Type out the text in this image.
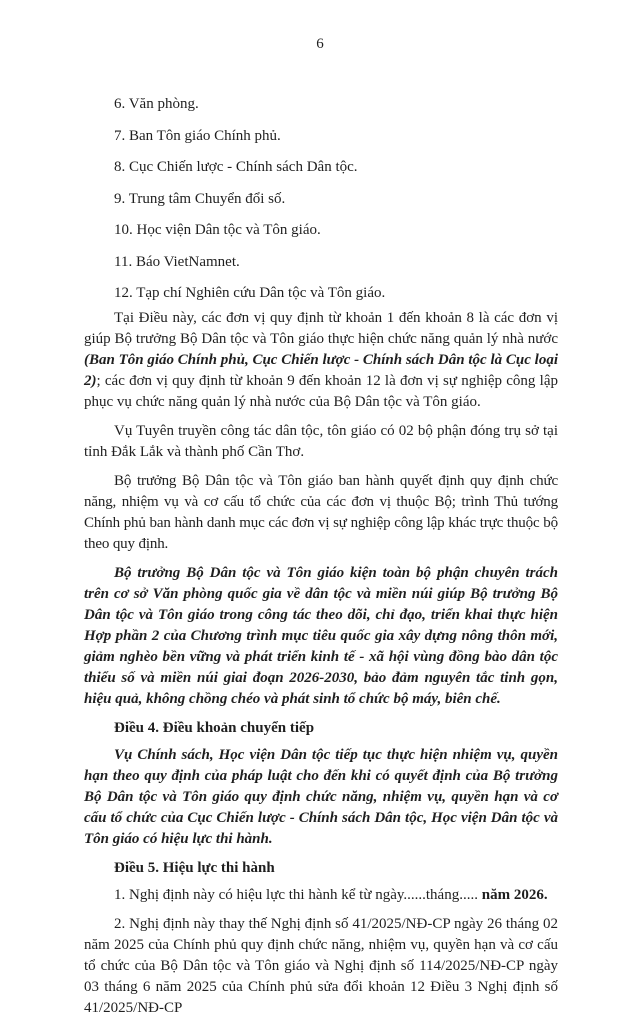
6
6. Văn phòng.
7. Ban Tôn giáo Chính phủ.
8. Cục Chiến lược - Chính sách Dân tộc.
9. Trung tâm Chuyển đổi số.
10. Học viện Dân tộc và Tôn giáo.
11. Báo VietNamnet.
12. Tạp chí Nghiên cứu Dân tộc và Tôn giáo.
Tại Điều này, các đơn vị quy định từ khoản 1 đến khoản 8 là các đơn vị giúp Bộ trưởng Bộ Dân tộc và Tôn giáo thực hiện chức năng quản lý nhà nước (Ban Tôn giáo Chính phủ, Cục Chiến lược - Chính sách Dân tộc là Cục loại 2); các đơn vị quy định từ khoản 9 đến khoản 12 là đơn vị sự nghiệp công lập phục vụ chức năng quản lý nhà nước của Bộ Dân tộc và Tôn giáo.
Vụ Tuyên truyền công tác dân tộc, tôn giáo có 02 bộ phận đóng trụ sở tại tỉnh Đắk Lắk và thành phố Cần Thơ.
Bộ trưởng Bộ Dân tộc và Tôn giáo ban hành quyết định quy định chức năng, nhiệm vụ và cơ cấu tổ chức của các đơn vị thuộc Bộ; trình Thủ tướng Chính phủ ban hành danh mục các đơn vị sự nghiệp công lập khác trực thuộc bộ theo quy định.
Bộ trưởng Bộ Dân tộc và Tôn giáo kiện toàn bộ phận chuyên trách trên cơ sở Văn phòng quốc gia về dân tộc và miền núi giúp Bộ trưởng Bộ Dân tộc và Tôn giáo trong công tác theo dõi, chỉ đạo, triển khai thực hiện Hợp phần 2 của Chương trình mục tiêu quốc gia xây dựng nông thôn mới, giảm nghèo bền vững và phát triển kinh tế - xã hội vùng đồng bào dân tộc thiểu số và miền núi giai đoạn 2026-2030, bảo đảm nguyên tắc tinh gọn, hiệu quả, không chồng chéo và phát sinh tổ chức bộ máy, biên chế.
Điều 4. Điều khoản chuyển tiếp
Vụ Chính sách, Học viện Dân tộc tiếp tục thực hiện nhiệm vụ, quyền hạn theo quy định của pháp luật cho đến khi có quyết định của Bộ trưởng Bộ Dân tộc và Tôn giáo quy định chức năng, nhiệm vụ, quyền hạn và cơ cấu tổ chức của Cục Chiến lược - Chính sách Dân tộc, Học viện Dân tộc và Tôn giáo có hiệu lực thi hành.
Điều 5. Hiệu lực thi hành
1. Nghị định này có hiệu lực thi hành kể từ ngày......tháng..... năm 2026.
2. Nghị định này thay thế Nghị định số 41/2025/NĐ-CP ngày 26 tháng 02 năm 2025 của Chính phủ quy định chức năng, nhiệm vụ, quyền hạn và cơ cấu tổ chức của Bộ Dân tộc và Tôn giáo và Nghị định số 114/2025/NĐ-CP ngày 03 tháng 6 năm 2025 của Chính phủ sửa đổi khoản 12 Điều 3 Nghị định số 41/2025/NĐ-CP
